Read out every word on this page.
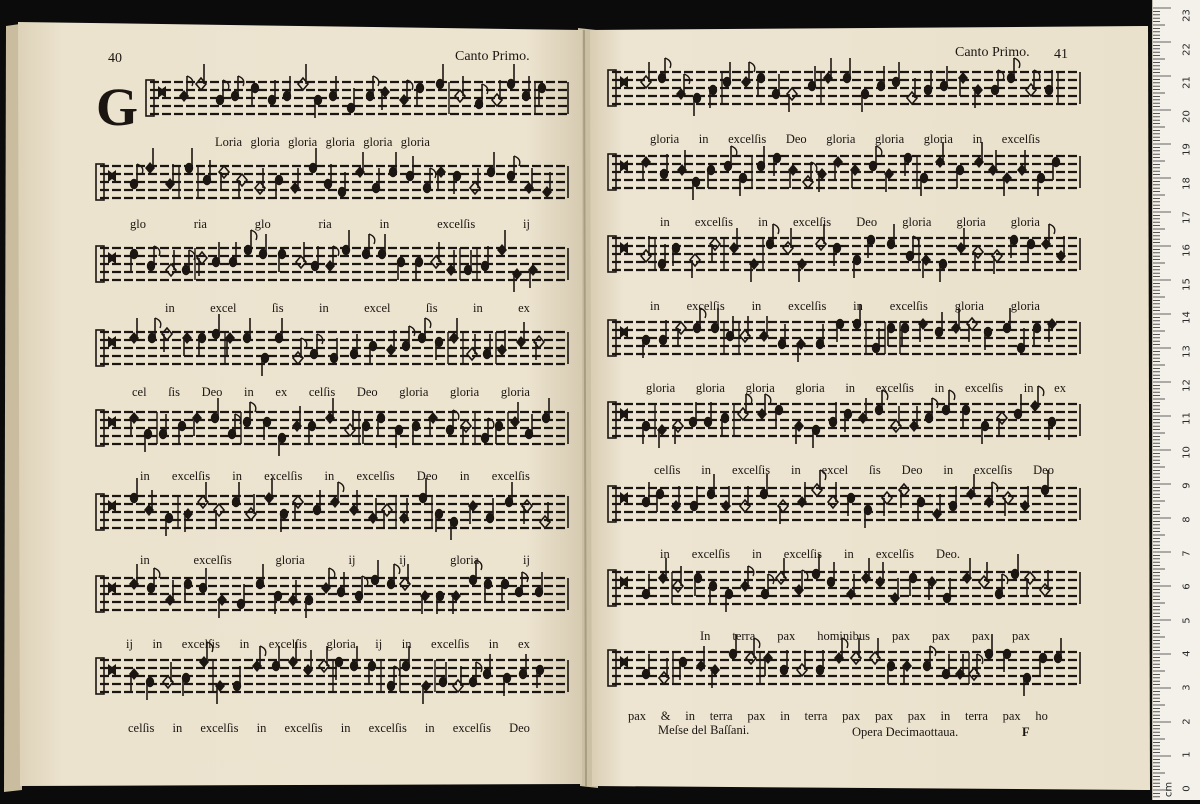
40	Canto Primo.
G
Canto Primo. 41
Meſse del Baſſani.	Opera Decimaottaua.	F
Loria gloria gloria gloria gloria gloria
glo	ria	glo	ria	in	excelſis	ij
in	excel	ſis	in	excel	ſis	in	ex
cel ſis Deo in ex celſis Deo gloria gloria gloria
in excelſis in excelſis in excelſis Deo in excelſis
in	excelſis	gloria	ij	ij	gloria	ij
ij in excelſis in excelſis gloria ij in excelſis in ex
celſis in excelſis in excelſis in excelſis in excelſis Deo
gloria in excelſis Deo gloria gloria gloria in excelſis
in excelſis in excelſis Deo gloria gloria gloria
in excelſis in excelſis in excelſis gloria gloria
gloria gloria gloria gloria in excelſis in excelſis in ex
celſis in excelſis in excel ſis Deo in excelſis Deo
in excelſis in excelſis in excelſis Deo.
In terra pax hominibus pax pax pax pax
pax & in terra pax in terra pax pax pax in terra pax ho
23
22
21
20
19
18
17
16
15
14
13
12
11
10
9
8
7
6
5
4
3
2
1
0
cm
